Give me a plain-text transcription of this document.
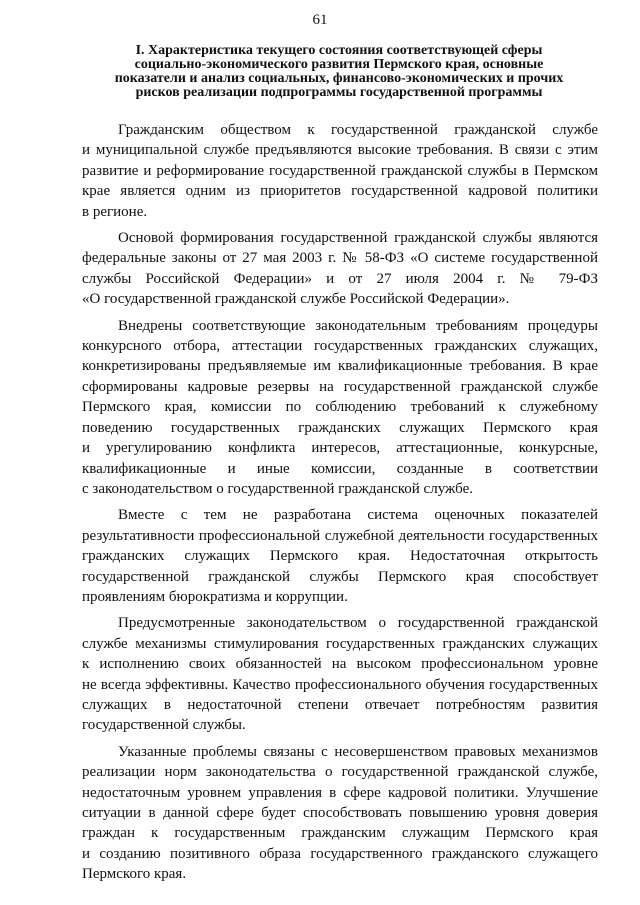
61
I. Характеристика текущего состояния соответствующей сферы
социально-экономического развития Пермского края, основные
показатели и анализ социальных, финансово-экономических и прочих
рисков реализации подпрограммы государственной программы

Гражданским обществом к государственной гражданской службе
и муниципальной службе предъявляются высокие требования. В связи с этим
развитие и реформирование государственной гражданской службы в Пермском
крае является одним из приоритетов государственной кадровой политики
в регионе.

Основой формирования государственной гражданской службы являются
федеральные законы от 27 мая 2003 г. № 58-ФЗ «О системе государственной
службы Российской Федерации» и от 27 июля 2004 г. № 79-ФЗ
«О государственной гражданской службе Российской Федерации».

Внедрены соответствующие законодательным требованиям процедуры
конкурсного отбора, аттестации государственных гражданских служащих,
конкретизированы предъявляемые им квалификационные требования. В крае
сформированы кадровые резервы на государственной гражданской службе
Пермского края, комиссии по соблюдению требований к служебному
поведению государственных гражданских служащих Пермского края
и урегулированию конфликта интересов, аттестационные, конкурсные,
квалификационные и иные комиссии, созданные в соответствии
с законодательством о государственной гражданской службе.

Вместе с тем не разработана система оценочных показателей
результативности профессиональной служебной деятельности государственных
гражданских служащих Пермского края. Недостаточная открытость
государственной гражданской службы Пермского края способствует
проявлениям бюрократизма и коррупции.

Предусмотренные законодательством о государственной гражданской
службе механизмы стимулирования государственных гражданских служащих
к исполнению своих обязанностей на высоком профессиональном уровне
не всегда эффективны. Качество профессионального обучения государственных
служащих в недостаточной степени отвечает потребностям развития
государственной службы.

Указанные проблемы связаны с несовершенством правовых механизмов
реализации норм законодательства о государственной гражданской службе,
недостаточным уровнем управления в сфере кадровой политики. Улучшение
ситуации в данной сфере будет способствовать повышению уровня доверия
граждан к государственным гражданским служащим Пермского края
и созданию позитивного образа государственного гражданского служащего
Пермского края.
